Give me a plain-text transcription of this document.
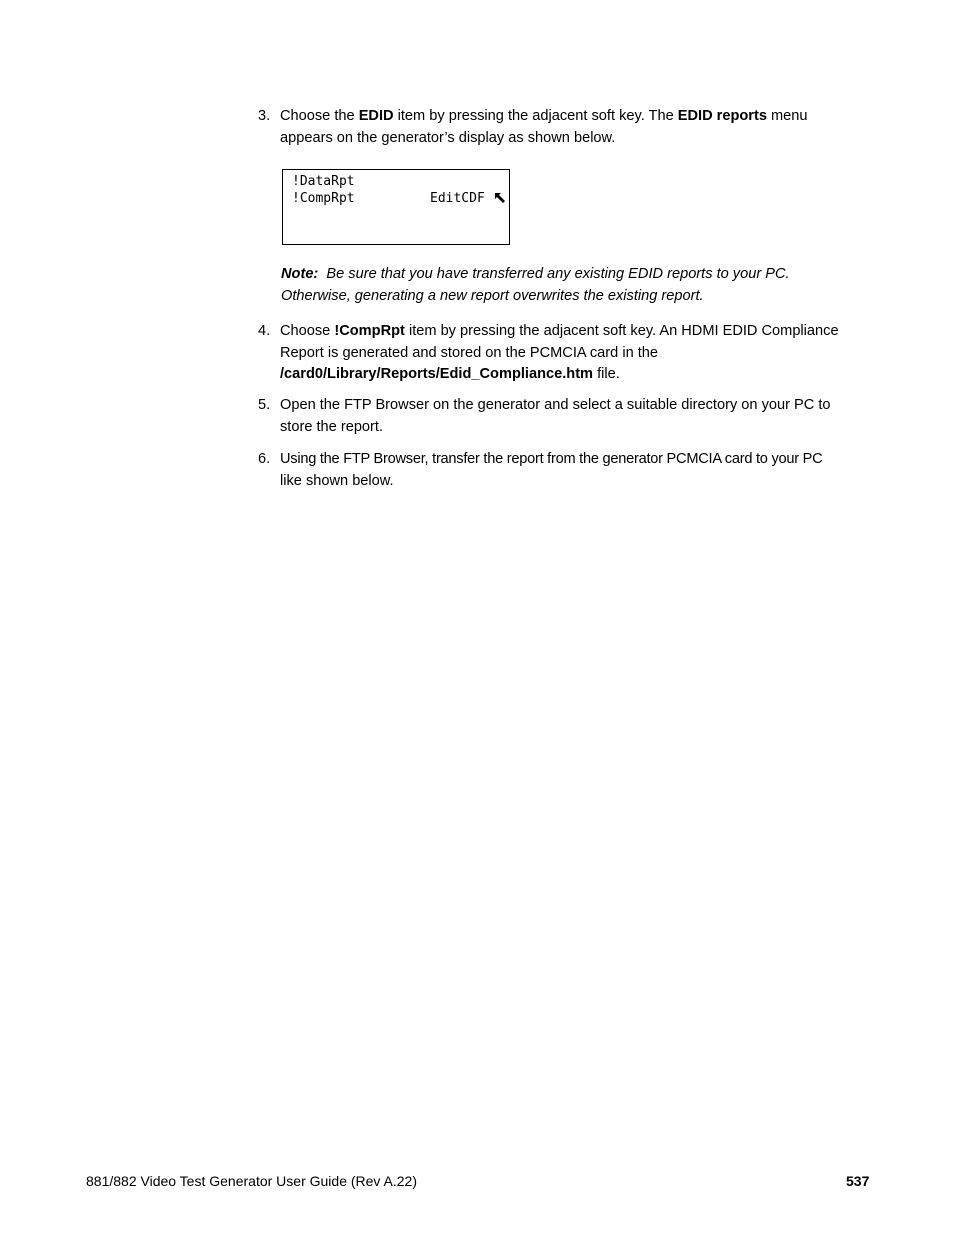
3. Choose the EDID item by pressing the adjacent soft key. The EDID reports menu
appears on the generator’s display as shown below.
!DataRpt
!CompRpt	EditCDF
Note: Be sure that you have transferred any existing EDID reports to your PC.
Otherwise, generating a new report overwrites the existing report.
4. Choose !CompRpt item by pressing the adjacent soft key. An HDMI EDID Compliance
Report is generated and stored on the PCMCIA card in the
/card0/Library/Reports/Edid_Compliance.htm file.
5. Open the FTP Browser on the generator and select a suitable directory on your PC to
store the report.
6. Using the FTP Browser, transfer the report from the generator PCMCIA card to your PC
like shown below.
881/882 Video Test Generator User Guide (Rev A.22)	537
